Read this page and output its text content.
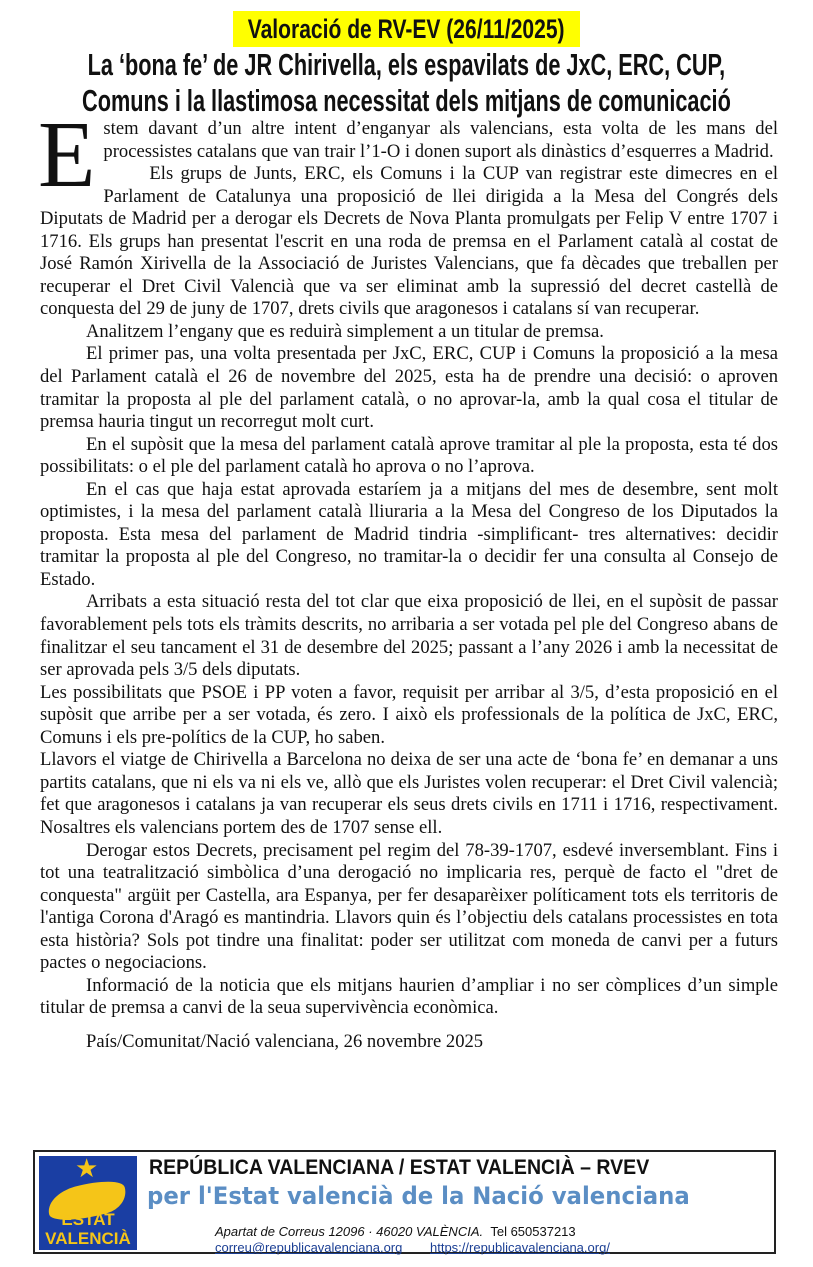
Valoració de RV-EV (26/11/2025)
La ‘bona fe’ de JR Chirivella, els espavilats de JxC, ERC, CUP,
Comuns i la llastimosa necessitat dels mitjans de comunicació

Estem davant d’un altre intent d’enganyar als valencians, esta volta de les mans del processistes catalans que van trair l’1-O i donen suport als dinàstics d’esquerres a Madrid.

Els grups de Junts, ERC, els Comuns i la CUP van registrar este dimecres en el Parlament de Catalunya una proposició de llei dirigida a la Mesa del Congrés dels Diputats de Madrid per a derogar els Decrets de Nova Planta promulgats per Felip V entre 1707 i 1716. Els grups han presentat l'escrit en una roda de premsa en el Parlament català al costat de José Ramón Xirivella de la Associació de Juristes Valencians, que fa dècades que treballen per recuperar el Dret Civil Valencià que va ser eliminat amb la supressió del decret castellà de conquesta del 29 de juny de 1707, drets civils que aragonesos i catalans sí van recuperar.

Analitzem l’engany que es reduirà simplement a un titular de premsa.

El primer pas, una volta presentada per JxC, ERC, CUP i Comuns la proposició a la mesa del Parlament català el 26 de novembre del 2025, esta ha de prendre una decisió: o aproven tramitar la proposta al ple del parlament català, o no aprovar-la, amb la qual cosa el titular de premsa hauria tingut un recorregut molt curt.

En el supòsit que la mesa del parlament català aprove tramitar al ple la proposta, esta té dos possibilitats: o el ple del parlament català ho aprova o no l’aprova.

En el cas que haja estat aprovada estaríem ja a mitjans del mes de desembre, sent molt optimistes, i la mesa del parlament català lliuraria a la Mesa del Congreso de los Diputados la proposta. Esta mesa del parlament de Madrid tindria -simplificant- tres alternatives: decidir tramitar la proposta al ple del Congreso, no tramitar-la o decidir fer una consulta al Consejo de Estado.

Arribats a esta situació resta del tot clar que eixa proposició de llei, en el supòsit de passar favorablement pels tots els tràmits descrits, no arribaria a ser votada pel ple del Congreso abans de finalitzar el seu tancament el 31 de desembre del 2025; passant a l’any 2026 i amb la necessitat de ser aprovada pels 3/5 dels diputats.

Les possibilitats que PSOE i PP voten a favor, requisit per arribar al 3/5, d’esta proposició en el supòsit que arribe per a ser votada, és zero. I això els professionals de la política de JxC, ERC, Comuns i els pre-polítics de la CUP, ho saben.

Llavors el viatge de Chirivella a Barcelona no deixa de ser una acte de ‘bona fe’ en demanar a uns partits catalans, que ni els va ni els ve, allò que els Juristes volen recuperar: el Dret Civil valencià; fet que aragonesos i catalans ja van recuperar els seus drets civils en 1711 i 1716, respectivament. Nosaltres els valencians portem des de 1707 sense ell.

Derogar estos Decrets, precisament pel regim del 78-39-1707, esdevé inversemblant. Fins i tot una teatralització simbòlica d’una derogació no implicaria res, perquè de facto el "dret de conquesta" argüit per Castella, ara Espanya, per fer desaparèixer políticament tots els territoris de l'antiga Corona d'Aragó es mantindria. Llavors quin és l’objectiu dels catalans processistes en tota esta història? Sols pot tindre una finalitat: poder ser utilitzat com moneda de canvi per a futurs pactes o negociacions.

Informació de la noticia que els mitjans haurien d’ampliar i no ser còmplices d’un simple titular de premsa a canvi de la seua supervivència econòmica.

País/Comunitat/Nació valenciana, 26 novembre 2025

★
ESTAT
VALENCIÀ
REPÚBLICA VALENCIANA / ESTAT VALENCIÀ – RVEV
per l'Estat valencià de la Nació valenciana
Apartat de Correus 12096 · 46020 VALÈNCIA. Tel 650537213
correu@republicavalenciana.org https://republicavalenciana.org/
